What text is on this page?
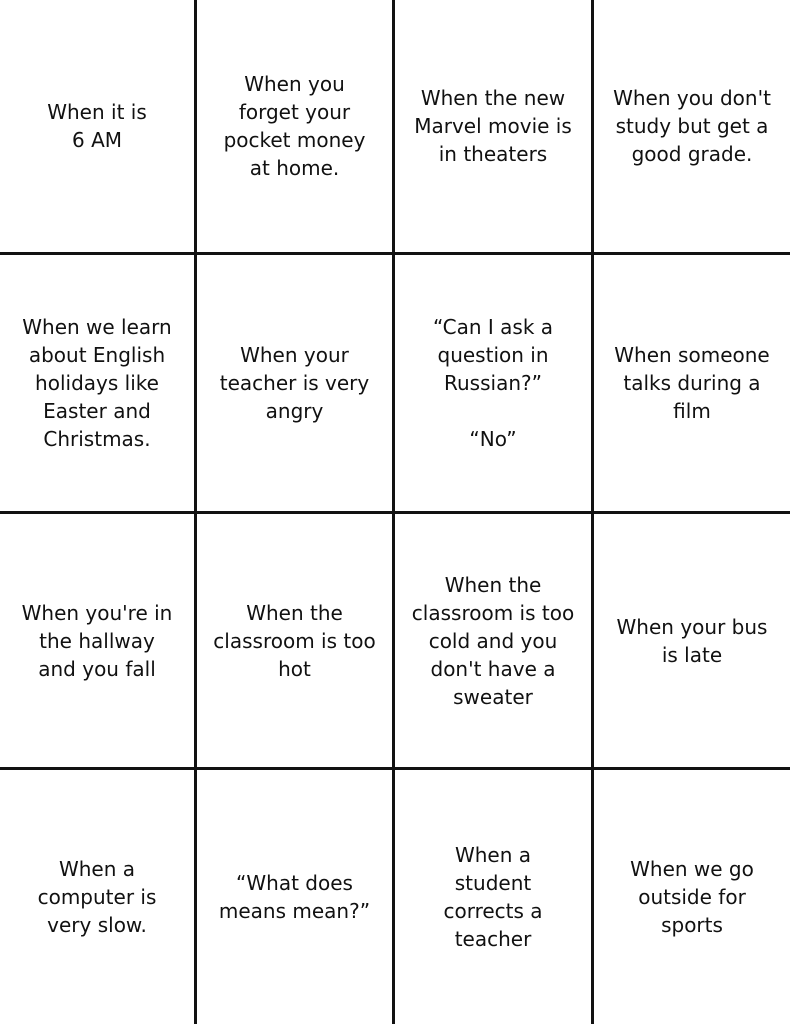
When it is
6 AM
When you
forget your
pocket money
at home.
When the new
Marvel movie is
in theaters
When you don't
study but get a
good grade.
When we learn
about English
holidays like
Easter and
Christmas.
When your
teacher is very
angry
“Can I ask a
question in
Russian?”

“No”
When someone
talks during a
film
When you're in
the hallway
and you fall
When the
classroom is too
hot
When the
classroom is too
cold and you
don't have a
sweater
When your bus
is late
When a
computer is
very slow.
“What does
means mean?”
When a
student
corrects a
teacher
When we go
outside for
sports
